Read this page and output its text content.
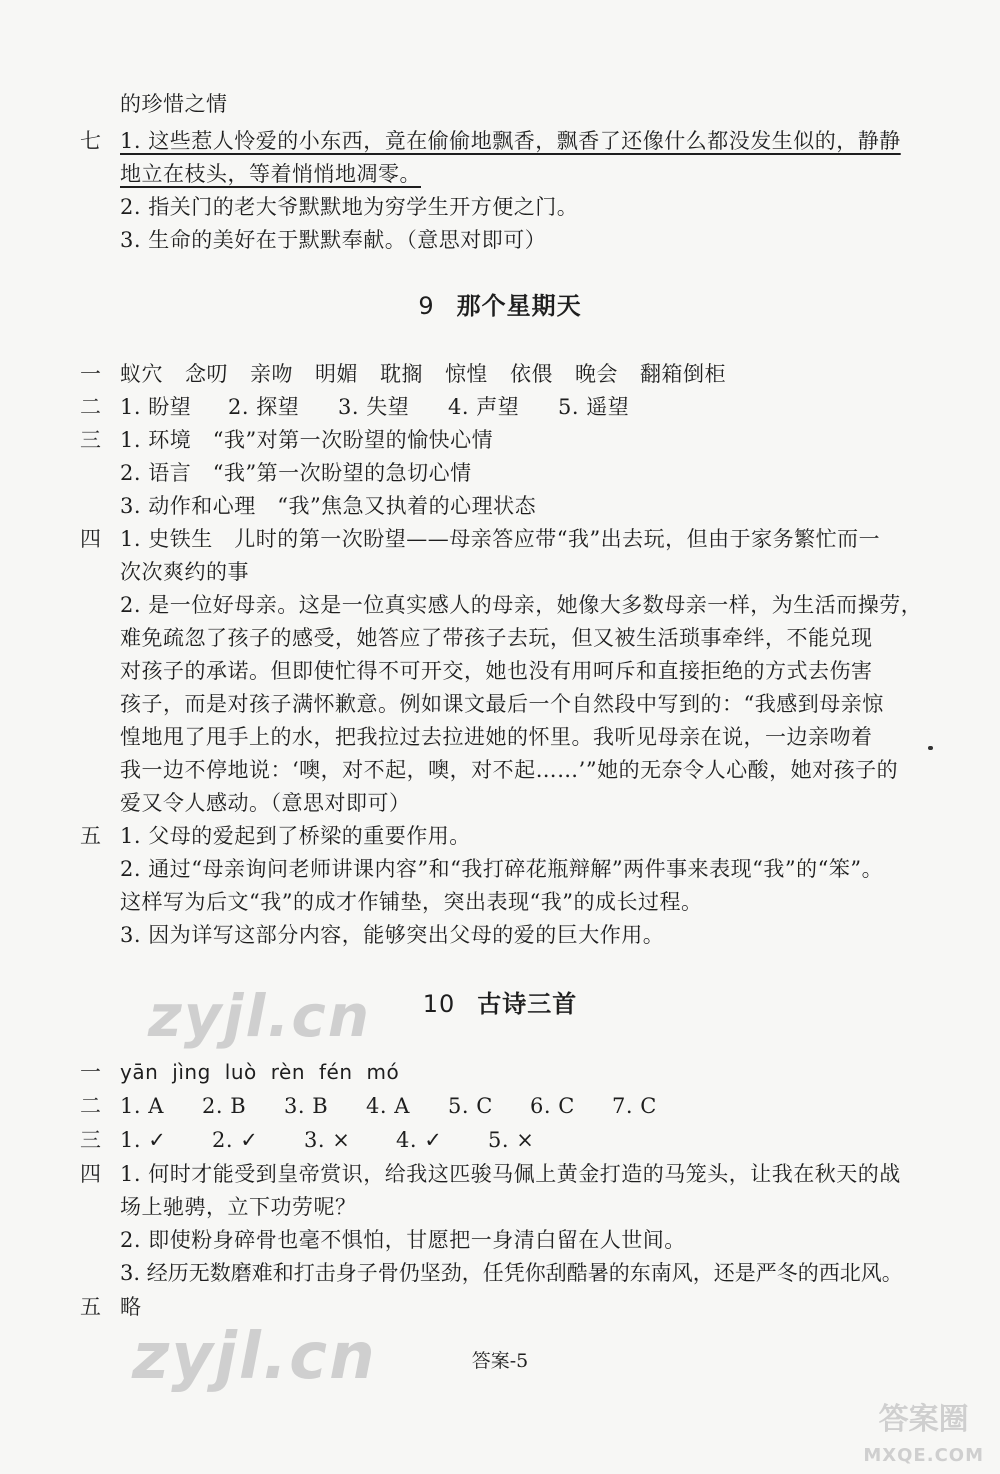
的珍惜之情
七 1. 这些惹人怜爱的小东西，竟在偷偷地飘香，飘香了还像什么都没发生似的，静静
地立在枝头，等着悄悄地凋零。
2. 指关门的老大爷默默地为穷学生开方便之门。
3. 生命的美好在于默默奉献。（意思对即可）
9 那个星期天
一 蚁穴 念叨 亲吻 明媚 耽搁 惊惶 依偎 晚会 翻箱倒柜
二 1. 盼望 2. 探望 3. 失望 4. 声望 5. 遥望
三 1. 环境　“我”对第一次盼望的愉快心情
2. 语言　“我”第一次盼望的急切心情
3. 动作和心理　“我”焦急又执着的心理状态
四 1. 史铁生　儿时的第一次盼望——母亲答应带“我”出去玩，但由于家务繁忙而一
次次爽约的事
2. 是一位好母亲。这是一位真实感人的母亲，她像大多数母亲一样，为生活而操劳，
难免疏忽了孩子的感受，她答应了带孩子去玩，但又被生活琐事牵绊，不能兑现
对孩子的承诺。但即使忙得不可开交，她也没有用呵斥和直接拒绝的方式去伤害
孩子，而是对孩子满怀歉意。例如课文最后一个自然段中写到的：“我感到母亲惊
惶地甩了甩手上的水，把我拉过去拉进她的怀里。我听见母亲在说，一边亲吻着
我一边不停地说：‘噢，对不起，噢，对不起……’”她的无奈令人心酸，她对孩子的
爱又令人感动。（意思对即可）
五 1. 父母的爱起到了桥梁的重要作用。
2. 通过“母亲询问老师讲课内容”和“我打碎花瓶辩解”两件事来表现“我”的“笨”。
这样写为后文“我”的成才作铺垫，突出表现“我”的成长过程。
3. 因为详写这部分内容，能够突出父母的爱的巨大作用。
zyjl.cn	10 古诗三首
一 yān jìng luò rèn fén mó
二 1. A 2. B 3. B 4. A 5. C 6. C 7. C
三 1. ✓ 2. ✓ 3. × 4. ✓ 5. ×
四 1. 何时才能受到皇帝赏识，给我这匹骏马佩上黄金打造的马笼头，让我在秋天的战
场上驰骋，立下功劳呢？
2. 即使粉身碎骨也毫不惧怕，甘愿把一身清白留在人世间。
3. 经历无数磨难和打击身子骨仍坚劲，任凭你刮酷暑的东南风，还是严冬的西北风。
五 略
zyjl.cn	答案-5
答案圈
MXQE.COM
